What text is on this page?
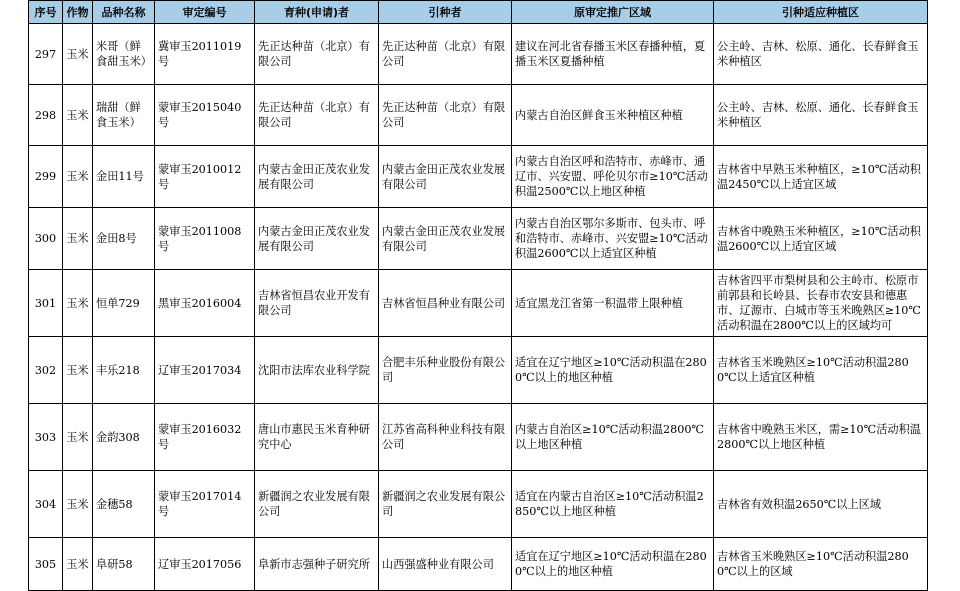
序号	作物	品种名称	审定编号	育种(申请)者	引种者	原审定推广区域	引种适应种植区
297	玉米	米哥（鲜食甜玉米）	冀审玉2011019号	先正达种苗（北京）有限公司	先正达种苗（北京）有限公司	建议在河北省春播玉米区春播种植，夏播玉米区夏播种植	公主岭、吉林、松原、通化、长春鲜食玉米种植区
298	玉米	瑞甜（鲜食玉米）	蒙审玉2015040号	先正达种苗（北京）有限公司	先正达种苗（北京）有限公司	内蒙古自治区鲜食玉米种植区种植	公主岭、吉林、松原、通化、长春鲜食玉米种植区
299	玉米	金田11号	蒙审玉2010012号	内蒙古金田正茂农业发展有限公司	内蒙古金田正茂农业发展有限公司	内蒙古自治区呼和浩特市、赤峰市、通辽市、兴安盟、呼伦贝尔市≥10℃活动积温2500℃以上地区种植	吉林省中早熟玉米种植区，≥10℃活动积温2450℃以上适宜区域
300	玉米	金田8号	蒙审玉2011008号	内蒙古金田正茂农业发展有限公司	内蒙古金田正茂农业发展有限公司	内蒙古自治区鄂尔多斯市、包头市、呼和浩特市、赤峰市、兴安盟≥10℃活动积温2600℃以上适宜区种植	吉林省中晚熟玉米种植区，≥10℃活动积温2600℃以上适宜区域
301	玉米	恒单729	黑审玉2016004	吉林省恒昌农业开发有限公司	吉林省恒昌种业有限公司	适宜黑龙江省第一积温带上限种植	吉林省四平市梨树县和公主岭市、松原市前郭县和长岭县、长春市农安县和德惠市、辽源市、白城市等玉米晚熟区≥10℃活动积温在2800℃以上的区域均可
302	玉米	丰乐218	辽审玉2017034	沈阳市法库农业科学院	合肥丰乐种业股份有限公司	适宜在辽宁地区≥10℃活动积温在2800℃以上的地区种植	吉林省玉米晚熟区≥10℃活动积温2800℃以上适宜区种植
303	玉米	金韵308	蒙审玉2016032号	唐山市惠民玉米育种研究中心	江苏省高科种业科技有限公司	内蒙古自治区≥10℃活动积温2800℃以上地区种植	吉林省中晚熟玉米区，需≥10℃活动积温2800℃以上地区种植
304	玉米	金穗58	蒙审玉2017014号	新疆润之农业发展有限公司	新疆润之农业发展有限公司	适宜在内蒙古自治区≥10℃活动积温2850℃以上地区种植	吉林省有效积温2650℃以上区域
305	玉米	阜研58	辽审玉2017056	阜新市志强种子研究所	山西强盛种业有限公司	适宜在辽宁地区≥10℃活动积温在2800℃以上的地区种植	吉林省玉米晚熟区≥10℃活动积温2800℃以上的区域
